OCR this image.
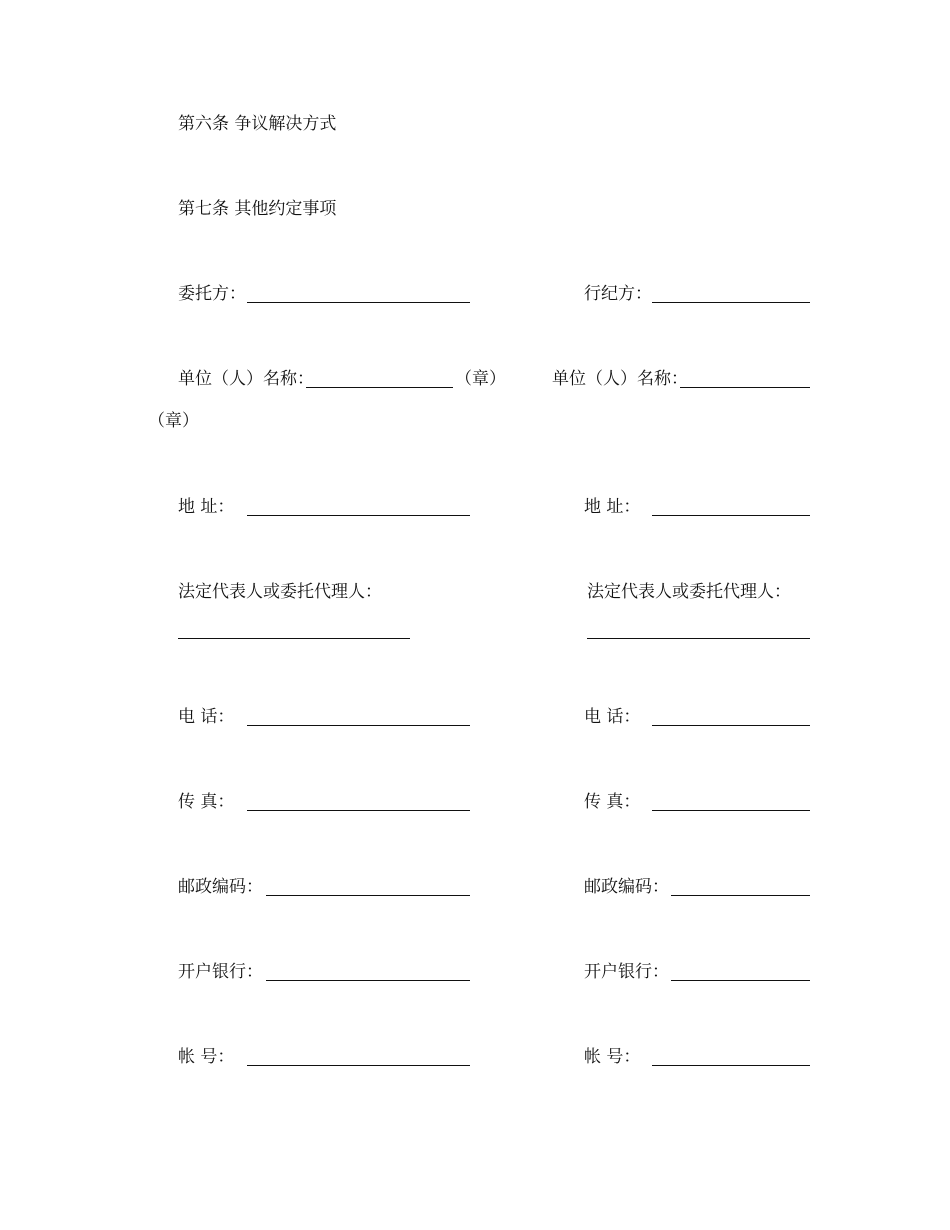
第六条 争议解决方式
第七条 其他约定事项
委托方：	行纪方：
单位（人）名称：	（章）	单位（人）名称：
（章）
地 址：	地 址：
法定代表人或委托代理人：	法定代表人或委托代理人：
电 话：	电 话：
传 真：	传 真：
邮政编码：	邮政编码：
开户银行：	开户银行：
帐 号：	帐 号：
